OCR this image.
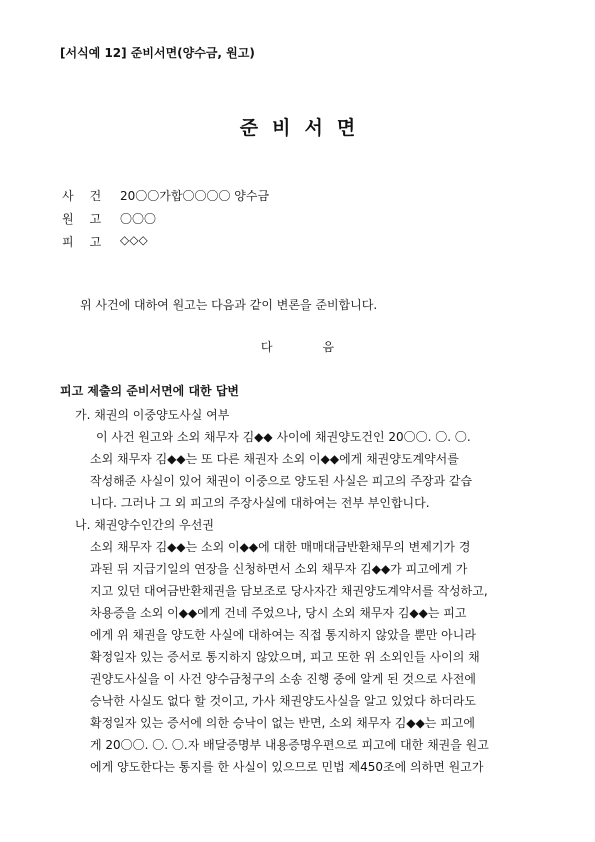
[서식예 12] 준비서면(양수금, 원고)
준비서면
사건 20〇〇가합〇〇〇〇 양수금
원고 〇〇〇
피고 ◇◇◇
위 사건에 대하여 원고는 다음과 같이 변론을 준비합니다.
다음
피고 제출의 준비서면에 대한 답변
가. 채권의 이중양도사실 여부
이 사건 원고와 소외 채무자 김◆◆ 사이에 채권양도건인 20〇〇. 〇. 〇.
소외 채무자 김◆◆는 또 다른 채권자 소외 이◆◆에게 채권양도계약서를
작성해준 사실이 있어 채권이 이중으로 양도된 사실은 피고의 주장과 같습
니다. 그러나 그 외 피고의 주장사실에 대하여는 전부 부인합니다.
나. 채권양수인간의 우선권
소외 채무자 김◆◆는 소외 이◆◆에 대한 매매대금반환채무의 변제기가 경
과된 뒤 지급기일의 연장을 신청하면서 소외 채무자 김◆◆가 피고에게 가
지고 있던 대여금반환채권을 담보조로 당사자간 채권양도계약서를 작성하고,
차용증을 소외 이◆◆에게 건네 주었으나, 당시 소외 채무자 김◆◆는 피고
에게 위 채권을 양도한 사실에 대하여는 직접 통지하지 않았을 뿐만 아니라
확정일자 있는 증서로 통지하지 않았으며, 피고 또한 위 소외인들 사이의 채
권양도사실을 이 사건 양수금청구의 소송 진행 중에 알게 된 것으로 사전에
승낙한 사실도 없다 할 것이고, 가사 채권양도사실을 알고 있었다 하더라도
확정일자 있는 증서에 의한 승낙이 없는 반면, 소외 채무자 김◆◆는 피고에
게 20〇〇. 〇. 〇.자 배달증명부 내용증명우편으로 피고에 대한 채권을 원고
에게 양도한다는 통지를 한 사실이 있으므로 민법 제450조에 의하면 원고가
